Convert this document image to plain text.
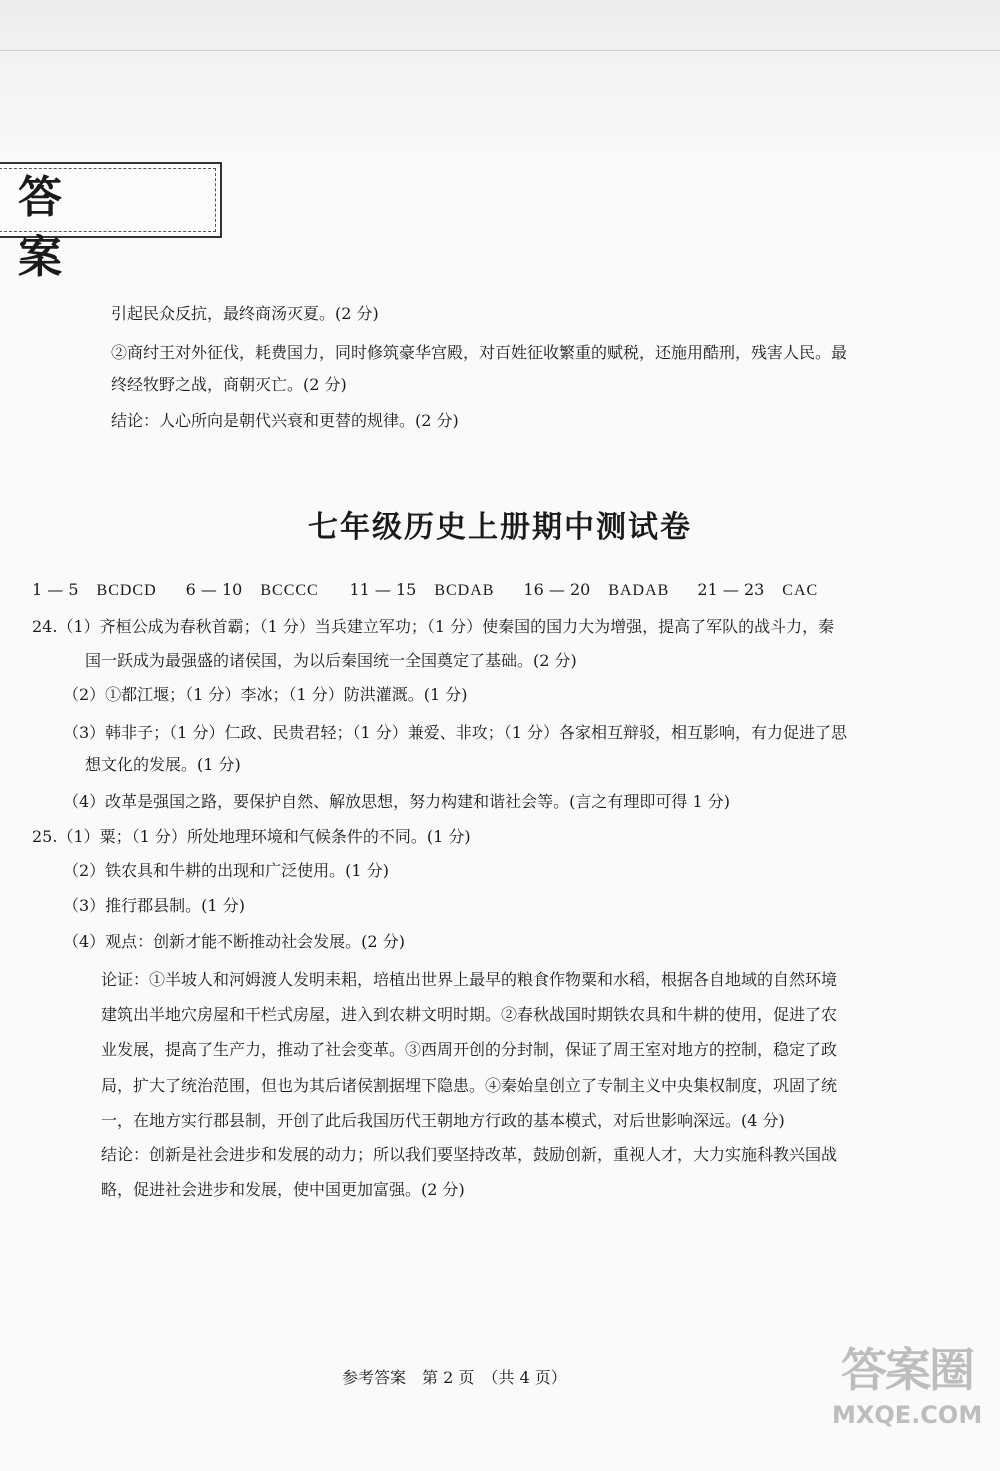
答 案
引起民众反抗，最终商汤灭夏。(2 分)
②商纣王对外征伐，耗费国力，同时修筑豪华宫殿，对百姓征收繁重的赋税，还施用酷刑，残害人民。最
终经牧野之战，商朝灭亡。(2 分)
结论：人心所向是朝代兴衰和更替的规律。(2 分)
七年级历史上册期中测试卷
1 — 5 BCDCD 6 — 10 BCCCC 11 — 15 BCDAB 16 — 20 BADAB 21 — 23 CAC
24.（1）齐桓公成为春秋首霸；（1 分）当兵建立军功；（1 分）使秦国的国力大为增强，提高了军队的战斗力，秦
国一跃成为最强盛的诸侯国，为以后秦国统一全国奠定了基础。(2 分)
（2）①都江堰；（1 分）李冰；（1 分）防洪灌溉。(1 分)
（3）韩非子；（1 分）仁政、民贵君轻；（1 分）兼爱、非攻；（1 分）各家相互辩驳，相互影响，有力促进了思
想文化的发展。(1 分)
（4）改革是强国之路，要保护自然、解放思想，努力构建和谐社会等。(言之有理即可得 1 分)
25.（1）粟；（1 分）所处地理环境和气候条件的不同。(1 分)
（2）铁农具和牛耕的出现和广泛使用。(1 分)
（3）推行郡县制。(1 分)
（4）观点：创新才能不断推动社会发展。(2 分)
论证：①半坡人和河姆渡人发明耒耜，培植出世界上最早的粮食作物粟和水稻，根据各自地域的自然环境
建筑出半地穴房屋和干栏式房屋，进入到农耕文明时期。②春秋战国时期铁农具和牛耕的使用，促进了农
业发展，提高了生产力，推动了社会变革。③西周开创的分封制，保证了周王室对地方的控制，稳定了政
局，扩大了统治范围，但也为其后诸侯割据埋下隐患。④秦始皇创立了专制主义中央集权制度，巩固了统
一，在地方实行郡县制，开创了此后我国历代王朝地方行政的基本模式，对后世影响深远。(4 分)
结论：创新是社会进步和发展的动力；所以我们要坚持改革，鼓励创新，重视人才，大力实施科教兴国战
略，促进社会进步和发展，使中国更加富强。(2 分)
参考答案　第 2 页　（共 4 页）	答案圈
MXQE.COM
